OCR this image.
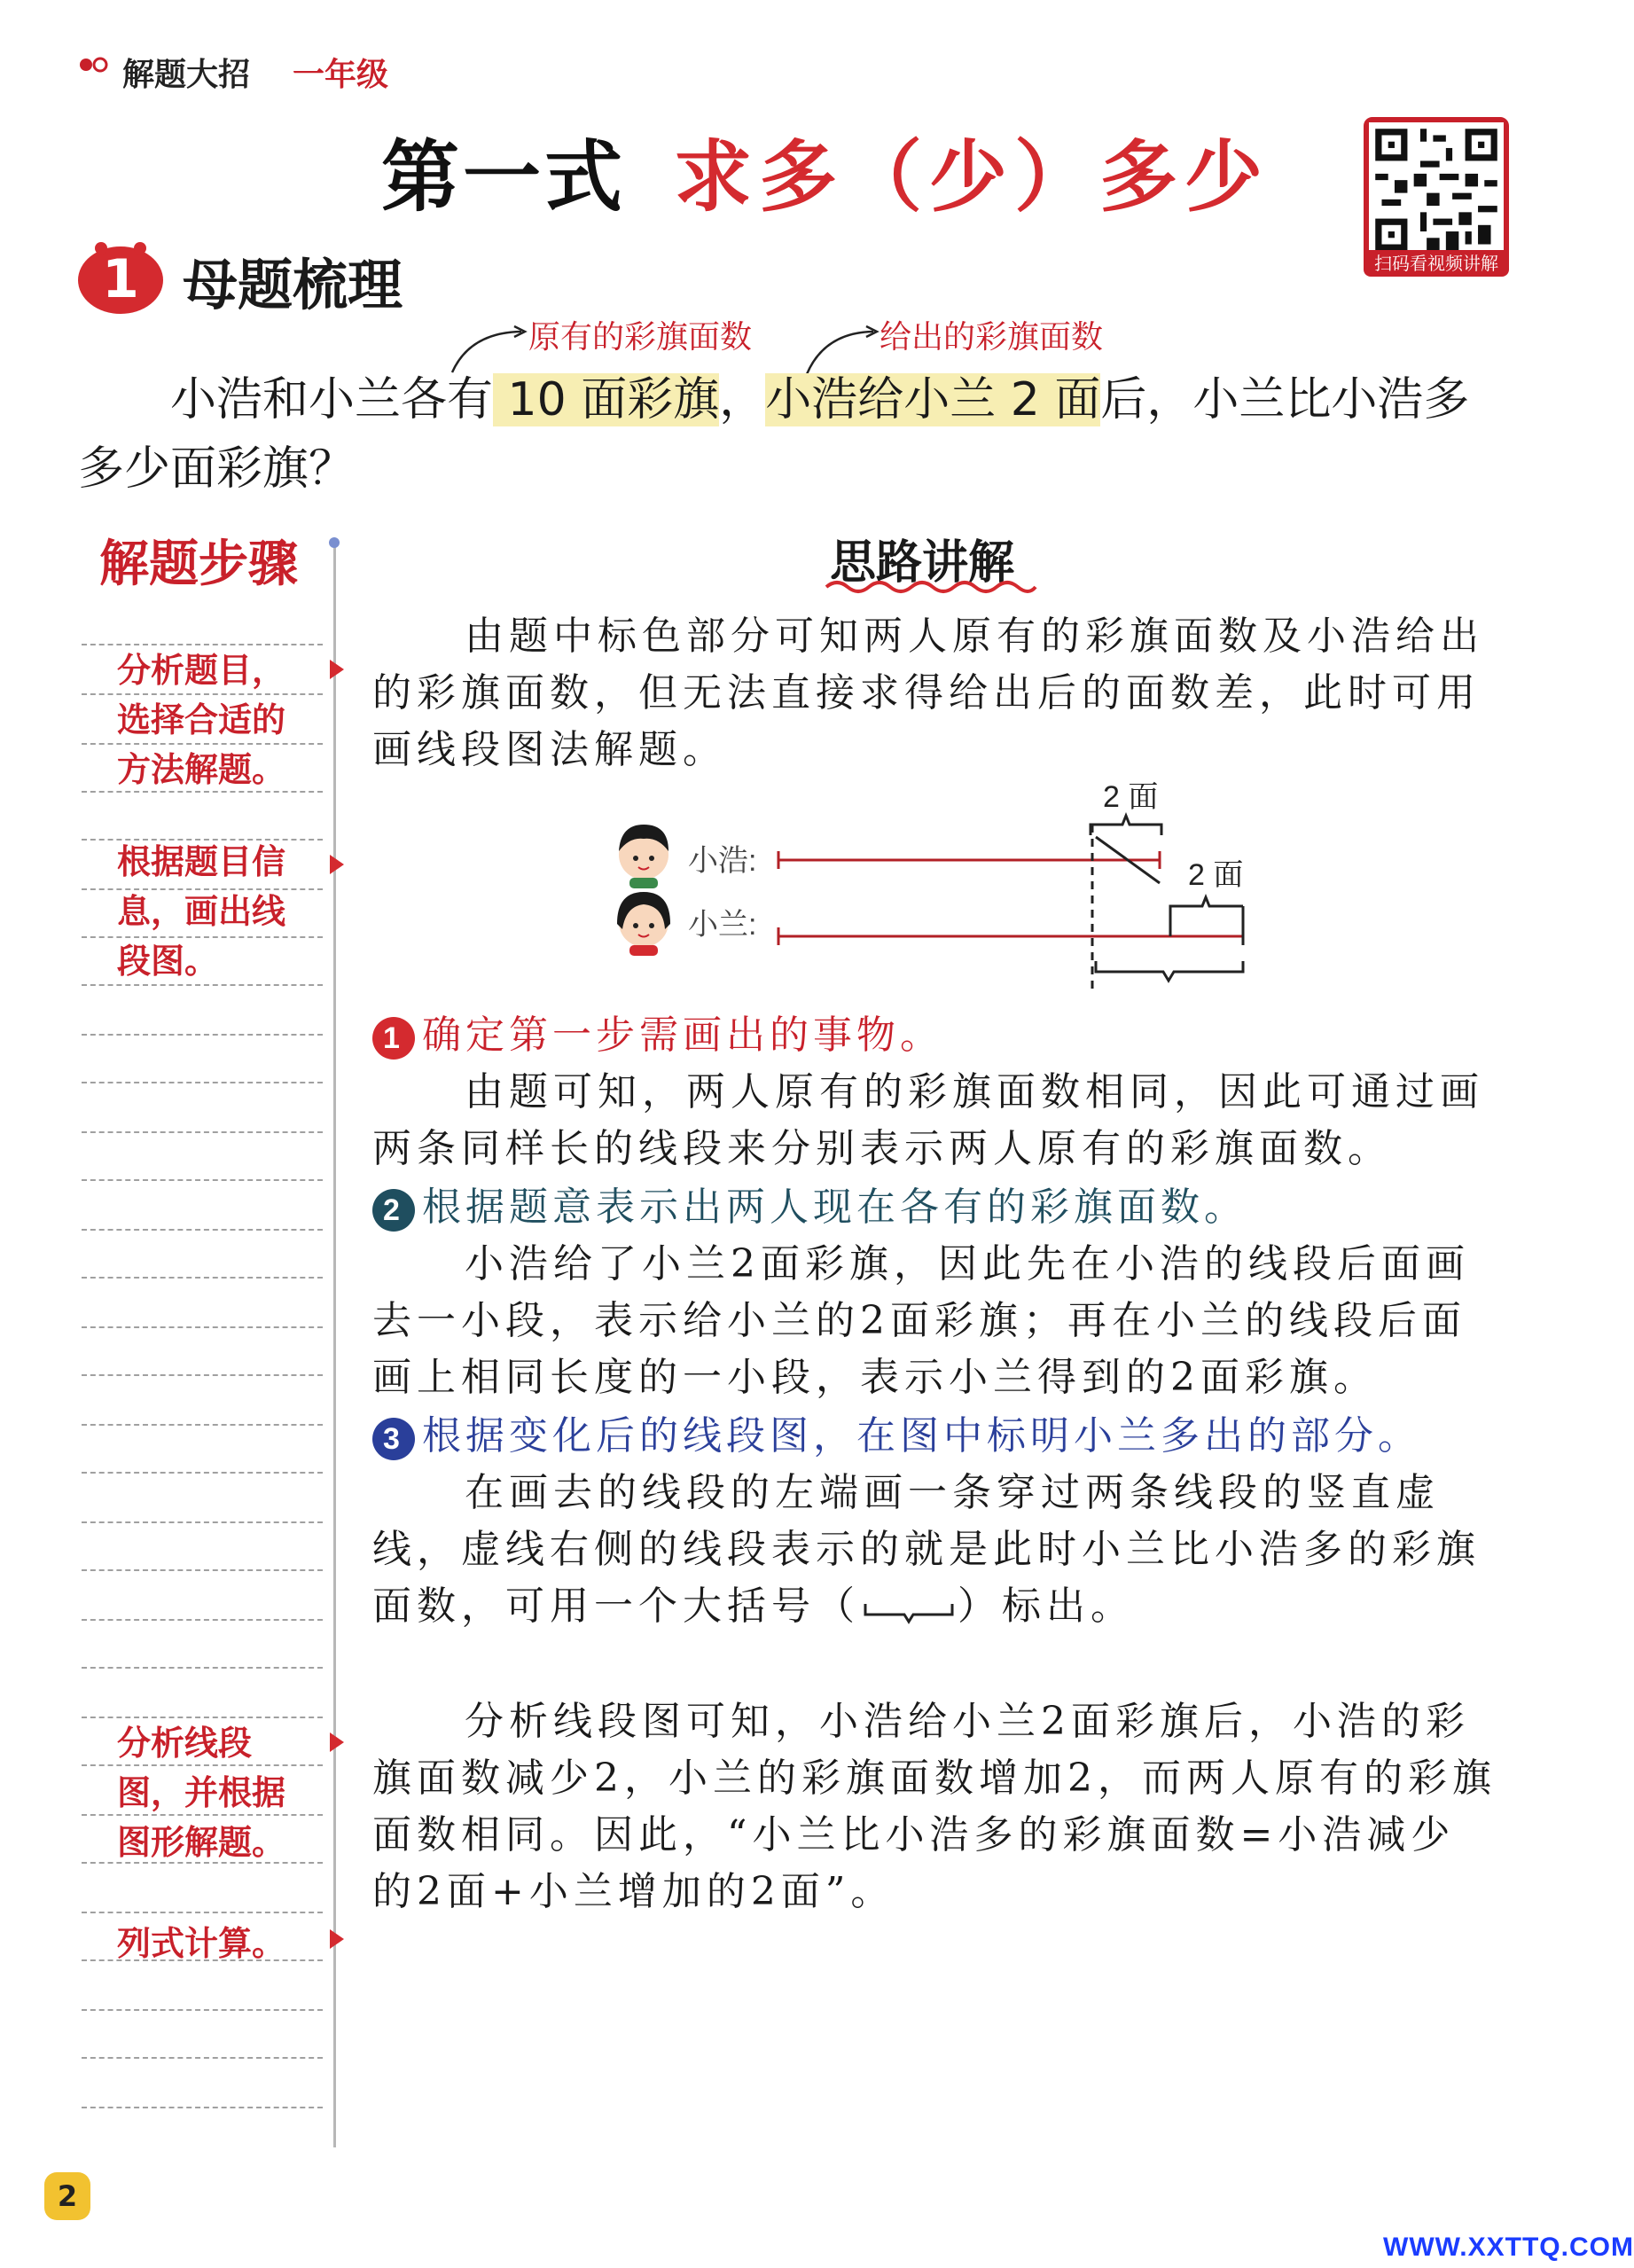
解题大招 一年级
第一式 求多（少）多少
扫码看视频讲解
1 母题梳理
原有的彩旗面数	给出的彩旗面数
小浩和小兰各有 10 面彩旗，小浩给小兰 2 面后，小兰比小浩多多少面彩旗？
解题步骤
分析题目，选择合适的方法解题。
根据题目信息，画出线段图。
分析线段图，并根据图形解题。
列式计算。
思路讲解
由题中标色部分可知两人原有的彩旗面数及小浩给出的彩旗面数，但无法直接求得给出后的面数差，此时可用画线段图法解题。
小浩:
小兰:
2 面
2 面
1 确定第一步需画出的事物。
由题可知，两人原有的彩旗面数相同，因此可通过画两条同样长的线段来分别表示两人原有的彩旗面数。
2 根据题意表示出两人现在各有的彩旗面数。
小浩给了小兰2面彩旗，因此先在小浩的线段后面画去一小段，表示给小兰的2面彩旗；再在小兰的线段后面画上相同长度的一小段，表示小兰得到的2面彩旗。
3 根据变化后的线段图，在图中标明小兰多出的部分。
在画去的线段的左端画一条穿过两条线段的竖直虚线，虚线右侧的线段表示的就是此时小兰比小浩多的彩旗面数，可用一个大括号（	）标出。
分析线段图可知，小浩给小兰2面彩旗后，小浩的彩旗面数减少2，小兰的彩旗面数增加2，而两人原有的彩旗面数相同。因此，“小兰比小浩多的彩旗面数=小浩减少的2面+小兰增加的2面”。
2
WWW.XXTTQ.COM
